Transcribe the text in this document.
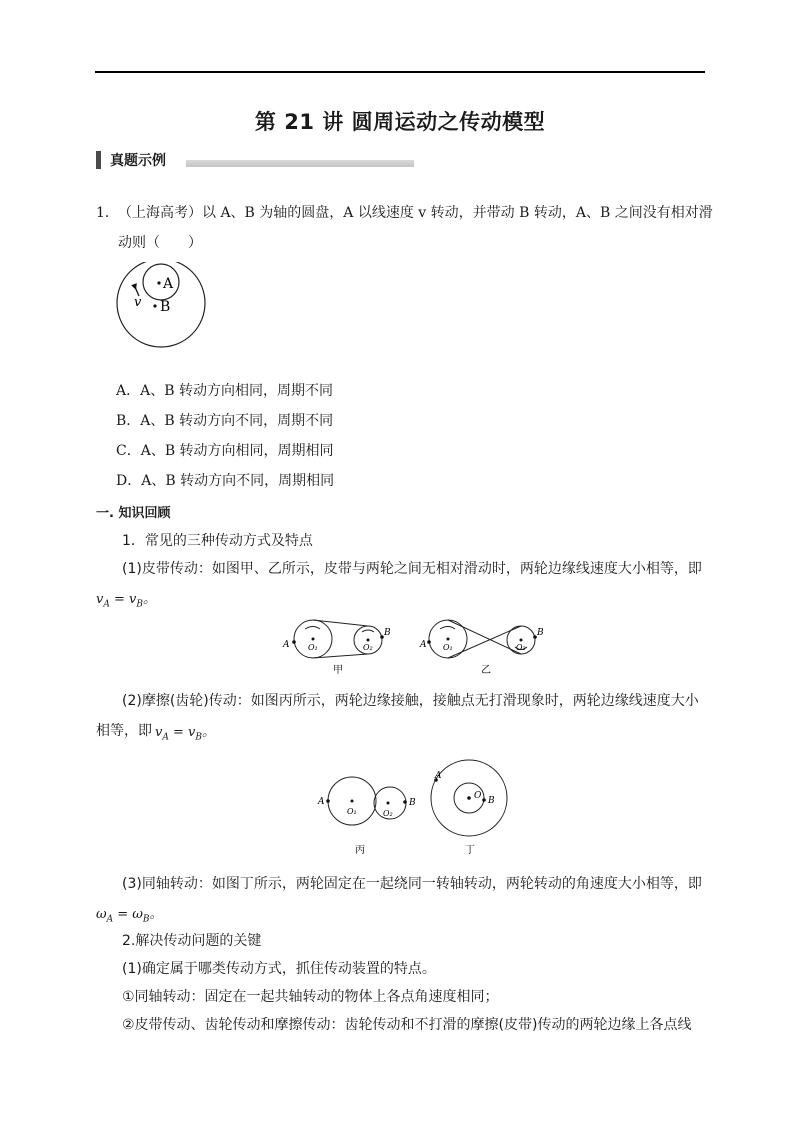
第 21 讲 圆周运动之传动模型
真题示例
1． （上海高考）以 A、B 为轴的圆盘，A 以线速度 v 转动，并带动 B 转动，A、B 之间没有相对滑
动则（　　）
A
B
v
A．A、B 转动方向相同，周期不同
B．A、B 转动方向不同，周期不同
C．A、B 转动方向相同，周期相同
D．A、B 转动方向不同，周期相同
一. 知识回顾
1．常见的三种传动方式及特点
(1)皮带传动：如图甲、乙所示，皮带与两轮之间无相对滑动时，两轮边缘线速度大小相等，即
$v_A = v_B$。
A
B
O₁	O₂
甲
A
B
O₁	O₂
乙
(2)摩擦(齿轮)传动：如图丙所示，两轮边缘接触，接触点无打滑现象时，两轮边缘线速度大小
相等，即 $v_A = v_B$。
A	B
O₁	O₂
丙
A
O B
丁
(3)同轴转动：如图丁所示，两轮固定在一起绕同一转轴转动，两轮转动的角速度大小相等，即
$\omega_A = \omega_B$。
2.解决传动问题的关键
(1)确定属于哪类传动方式，抓住传动装置的特点。
①同轴转动：固定在一起共轴转动的物体上各点角速度相同；
②皮带传动、齿轮传动和摩擦传动：齿轮传动和不打滑的摩擦(皮带)传动的两轮边缘上各点线
